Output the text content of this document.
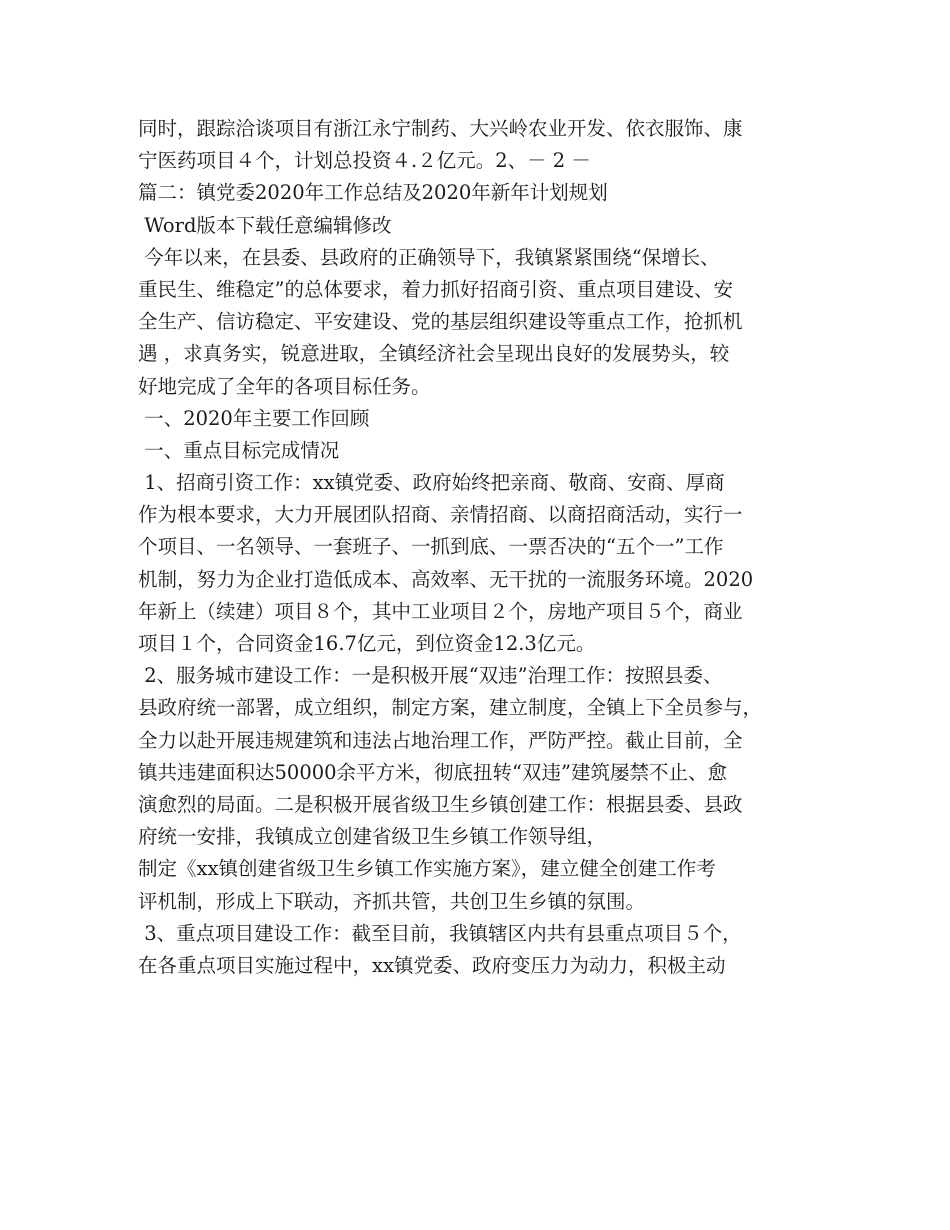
同时，跟踪洽谈项目有浙江永宁制药、大兴岭农业开发、依衣服饰、康
宁医药项目４个，计划总投资４.２亿元。2、－ 2 －
篇二：镇党委2020年工作总结及2020年新年计划规划
Word版本下载任意编辑修改
今年以来，在县委、县政府的正确领导下，我镇紧紧围绕“保增长、
重民生、维稳定”的总体要求，着力抓好招商引资、重点项目建设、安
全生产、信访稳定、平安建设、党的基层组织建设等重点工作，抢抓机
遇 ，求真务实，锐意进取，全镇经济社会呈现出良好的发展势头，较
好地完成了全年的各项目标任务。
一、2020年主要工作回顾
一、重点目标完成情况
1、招商引资工作：xx镇党委、政府始终把亲商、敬商、安商、厚商
作为根本要求，大力开展团队招商、亲情招商、以商招商活动，实行一
个项目、一名领导、一套班子、一抓到底、一票否决的“五个一”工作
机制，努力为企业打造低成本、高效率、无干扰的一流服务环境。2020
年新上（续建）项目８个，其中工业项目２个，房地产项目５个，商业
项目１个，合同资金16.7亿元，到位资金12.3亿元。
2、服务城市建设工作：一是积极开展“双违”治理工作：按照县委、
县政府统一部署，成立组织，制定方案，建立制度，全镇上下全员参与，
全力以赴开展违规建筑和违法占地治理工作，严防严控。截止目前，全
镇共违建面积达50000余平方米，彻底扭转“双违”建筑屡禁不止、愈
演愈烈的局面。二是积极开展省级卫生乡镇创建工作：根据县委、县政
府统一安排，我镇成立创建省级卫生乡镇工作领导组，
制定《xx镇创建省级卫生乡镇工作实施方案》，建立健全创建工作考
评机制，形成上下联动，齐抓共管，共创卫生乡镇的氛围。
3、重点项目建设工作：截至目前，我镇辖区内共有县重点项目５个，
在各重点项目实施过程中，xx镇党委、政府变压力为动力，积极主动
